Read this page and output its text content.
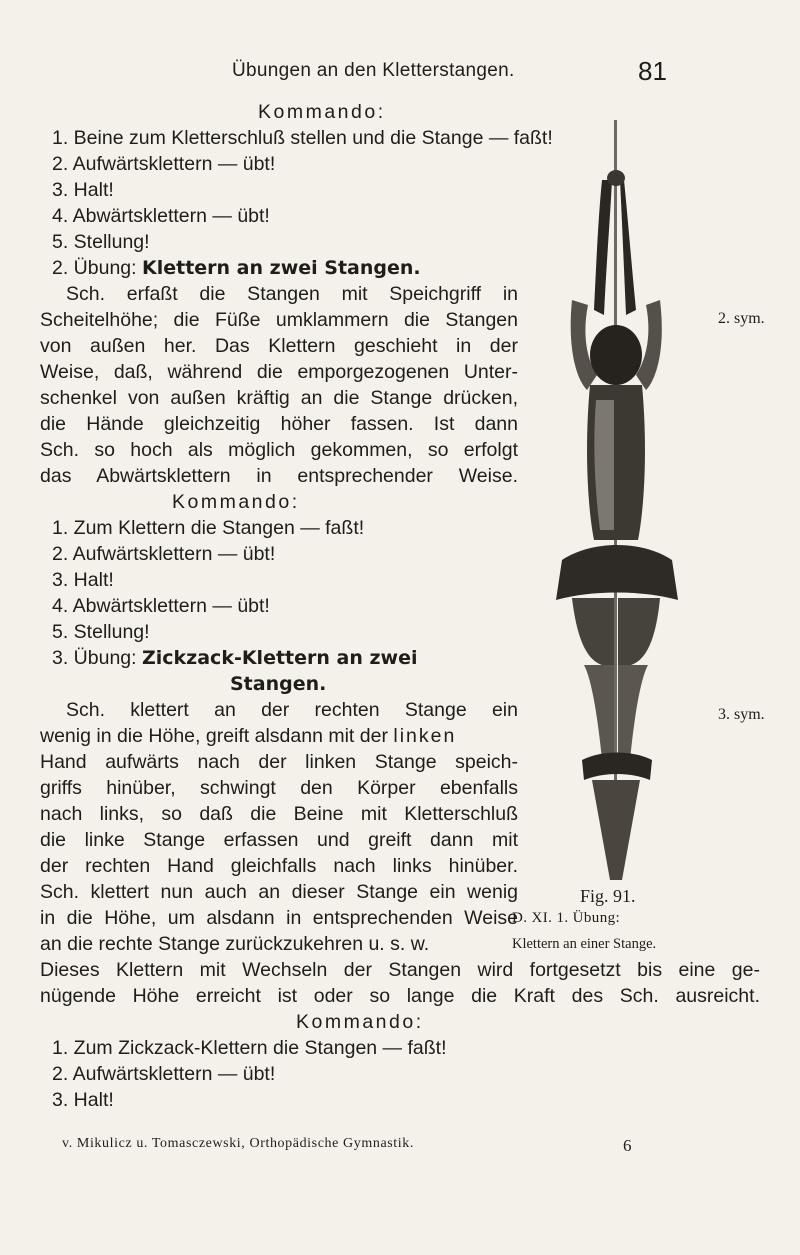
Übungen an den Kletterstangen.	81
Kommando:
1. Beine zum Kletterschluß stellen und die Stange — faßt!
2. Aufwärtsklettern — übt!
3. Halt!
4. Abwärtsklettern — übt!
5. Stellung!
2. Übung: Klettern an zwei Stangen.
Sch. erfaßt die Stangen mit Speichgriff in
Scheitelhöhe; die Füße umklammern die Stangen
von außen her. Das Klettern geschieht in der
Weise, daß, während die emporgezogenen Unter-
schenkel von außen kräftig an die Stange drücken,
die Hände gleichzeitig höher fassen. Ist dann
Sch. so hoch als möglich gekommen, so erfolgt
das Abwärtsklettern in entsprechender Weise.
Kommando:
1. Zum Klettern die Stangen — faßt!
2. Aufwärtsklettern — übt!
3. Halt!
4. Abwärtsklettern — übt!
5. Stellung!
3. Übung: Zickzack-Klettern an zwei
Stangen.
Sch. klettert an der rechten Stange ein
wenig in die Höhe, greift alsdann mit der linken
Hand aufwärts nach der linken Stange speich-
griffs hinüber, schwingt den Körper ebenfalls
nach links, so daß die Beine mit Kletterschluß
die linke Stange erfassen und greift dann mit
der rechten Hand gleichfalls nach links hinüber.
Sch. klettert nun auch an dieser Stange ein wenig
in die Höhe, um alsdann in entsprechenden Weise
an die rechte Stange zurückzukehren u. s. w.
Dieses Klettern mit Wechseln der Stangen wird fortgesetzt bis eine ge-
nügende Höhe erreicht ist oder so lange die Kraft des Sch. ausreicht.
Kommando:
1. Zum Zickzack-Klettern die Stangen — faßt!
2. Aufwärtsklettern — übt!
3. Halt!
2. sym.
3. sym.
Fig. 91.
D. XI. 1. Übung:
Klettern an einer Stange.
v. Mikulicz u. Tomasczewski, Orthopädische Gymnastik.	6
